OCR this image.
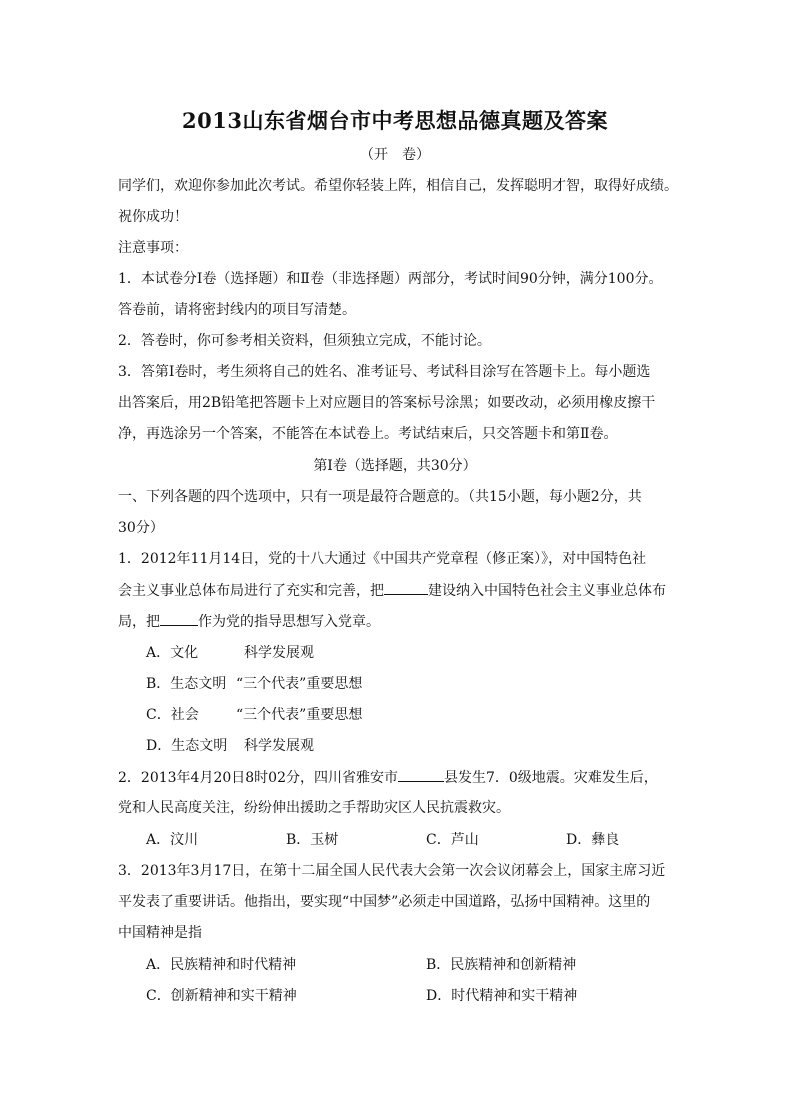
2013山东省烟台市中考思想品德真题及答案
（开　卷）
同学们，欢迎你参加此次考试。希望你轻装上阵，相信自己，发挥聪明才智，取得好成绩。
祝你成功！
注意事项：
1．本试卷分Ⅰ卷（选择题）和Ⅱ卷（非选择题）两部分，考试时间90分钟，满分100分。
答卷前，请将密封线内的项目写清楚。
2．答卷时，你可参考相关资料，但须独立完成，不能讨论。
3．答第Ⅰ卷时，考生须将自己的姓名、准考证号、考试科目涂写在答题卡上。每小题选
出答案后，用2B铅笔把答题卡上对应题目的答案标号涂黑；如要改动，必须用橡皮擦干
净，再选涂另一个答案，不能答在本试卷上。考试结束后，只交答题卡和第Ⅱ卷。
第Ⅰ卷（选择题，共30分）
一、下列各题的四个选项中，只有一项是最符合题意的。（共15小题，每小题2分，共
30分）
1．2012年11月14日，党的十八大通过《中国共产党章程（修正案）》，对中国特色社
会主义事业总体布局进行了充实和完善，把	建设纳入中国特色社会主义事业总体布
局，把	作为党的指导思想写入党章。
A．文化	科学发展观
B．生态文明 “三个代表”重要思想
C．社会	“三个代表”重要思想
D．生态文明 科学发展观
2．2013年4月20日8时02分，四川省雅安市	县发生7．0级地震。灾难发生后，
党和人民高度关注，纷纷伸出援助之手帮助灾区人民抗震救灾。
A．汶川	B．玉树	C．芦山	D．彝良
3．2013年3月17日，在第十二届全国人民代表大会第一次会议闭幕会上，国家主席习近
平发表了重要讲话。他指出，要实现“中国梦”必须走中国道路，弘扬中国精神。这里的
中国精神是指
A．民族精神和时代精神	B．民族精神和创新精神
C．创新精神和实干精神	D．时代精神和实干精神
